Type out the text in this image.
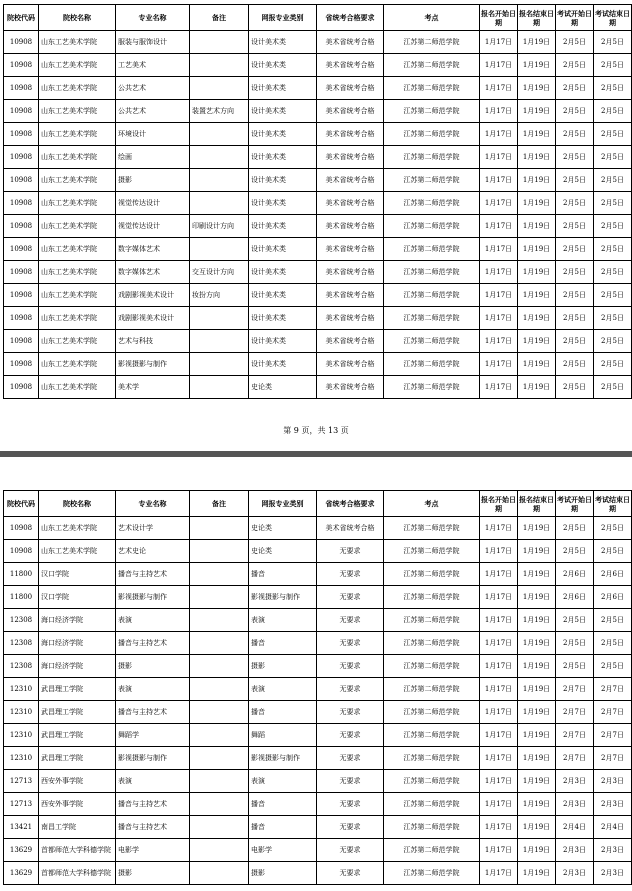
院校代码	院校名称	专业名称	备注	网报专业类别	省统考合格要求	考点	报名开始日期	报名结束日期	考试开始日期	考试结束日期
10908	山东工艺美术学院	服装与服饰设计		设计美术类	美术省统考合格	江苏第二师范学院	1月17日	1月19日	2月5日	2月5日
10908	山东工艺美术学院	工艺美术		设计美术类	美术省统考合格	江苏第二师范学院	1月17日	1月19日	2月5日	2月5日
10908	山东工艺美术学院	公共艺术		设计美术类	美术省统考合格	江苏第二师范学院	1月17日	1月19日	2月5日	2月5日
10908	山东工艺美术学院	公共艺术	装置艺术方向	设计美术类	美术省统考合格	江苏第二师范学院	1月17日	1月19日	2月5日	2月5日
10908	山东工艺美术学院	环境设计		设计美术类	美术省统考合格	江苏第二师范学院	1月17日	1月19日	2月5日	2月5日
10908	山东工艺美术学院	绘画		设计美术类	美术省统考合格	江苏第二师范学院	1月17日	1月19日	2月5日	2月5日
10908	山东工艺美术学院	摄影		设计美术类	美术省统考合格	江苏第二师范学院	1月17日	1月19日	2月5日	2月5日
10908	山东工艺美术学院	视觉传达设计		设计美术类	美术省统考合格	江苏第二师范学院	1月17日	1月19日	2月5日	2月5日
10908	山东工艺美术学院	视觉传达设计	印刷设计方向	设计美术类	美术省统考合格	江苏第二师范学院	1月17日	1月19日	2月5日	2月5日
10908	山东工艺美术学院	数字媒体艺术		设计美术类	美术省统考合格	江苏第二师范学院	1月17日	1月19日	2月5日	2月5日
10908	山东工艺美术学院	数字媒体艺术	交互设计方向	设计美术类	美术省统考合格	江苏第二师范学院	1月17日	1月19日	2月5日	2月5日
10908	山东工艺美术学院	戏剧影视美术设计	妆扮方向	设计美术类	美术省统考合格	江苏第二师范学院	1月17日	1月19日	2月5日	2月5日
10908	山东工艺美术学院	戏剧影视美术设计		设计美术类	美术省统考合格	江苏第二师范学院	1月17日	1月19日	2月5日	2月5日
10908	山东工艺美术学院	艺术与科技		设计美术类	美术省统考合格	江苏第二师范学院	1月17日	1月19日	2月5日	2月5日
10908	山东工艺美术学院	影视摄影与制作		设计美术类	美术省统考合格	江苏第二师范学院	1月17日	1月19日	2月5日	2月5日
10908	山东工艺美术学院	美术学		史论类	美术省统考合格	江苏第二师范学院	1月17日	1月19日	2月5日	2月5日
第 9 页，共 13 页
院校代码	院校名称	专业名称	备注	网报专业类别	省统考合格要求	考点	报名开始日期	报名结束日期	考试开始日期	考试结束日期
10908	山东工艺美术学院	艺术设计学		史论类	美术省统考合格	江苏第二师范学院	1月17日	1月19日	2月5日	2月5日
10908	山东工艺美术学院	艺术史论		史论类	无要求	江苏第二师范学院	1月17日	1月19日	2月5日	2月5日
11800	汉口学院	播音与主持艺术		播音	无要求	江苏第二师范学院	1月17日	1月19日	2月6日	2月6日
11800	汉口学院	影视摄影与制作		影视摄影与制作	无要求	江苏第二师范学院	1月17日	1月19日	2月6日	2月6日
12308	海口经济学院	表演		表演	无要求	江苏第二师范学院	1月17日	1月19日	2月5日	2月5日
12308	海口经济学院	播音与主持艺术		播音	无要求	江苏第二师范学院	1月17日	1月19日	2月5日	2月5日
12308	海口经济学院	摄影		摄影	无要求	江苏第二师范学院	1月17日	1月19日	2月5日	2月5日
12310	武昌理工学院	表演		表演	无要求	江苏第二师范学院	1月17日	1月19日	2月7日	2月7日
12310	武昌理工学院	播音与主持艺术		播音	无要求	江苏第二师范学院	1月17日	1月19日	2月7日	2月7日
12310	武昌理工学院	舞蹈学		舞蹈	无要求	江苏第二师范学院	1月17日	1月19日	2月7日	2月7日
12310	武昌理工学院	影视摄影与制作		影视摄影与制作	无要求	江苏第二师范学院	1月17日	1月19日	2月7日	2月7日
12713	西安外事学院	表演		表演	无要求	江苏第二师范学院	1月17日	1月19日	2月3日	2月3日
12713	西安外事学院	播音与主持艺术		播音	无要求	江苏第二师范学院	1月17日	1月19日	2月3日	2月3日
13421	南昌工学院	播音与主持艺术		播音	无要求	江苏第二师范学院	1月17日	1月19日	2月4日	2月4日
13629	首都师范大学科德学院	电影学		电影学	无要求	江苏第二师范学院	1月17日	1月19日	2月3日	2月3日
13629	首都师范大学科德学院	摄影		摄影	无要求	江苏第二师范学院	1月17日	1月19日	2月3日	2月3日
